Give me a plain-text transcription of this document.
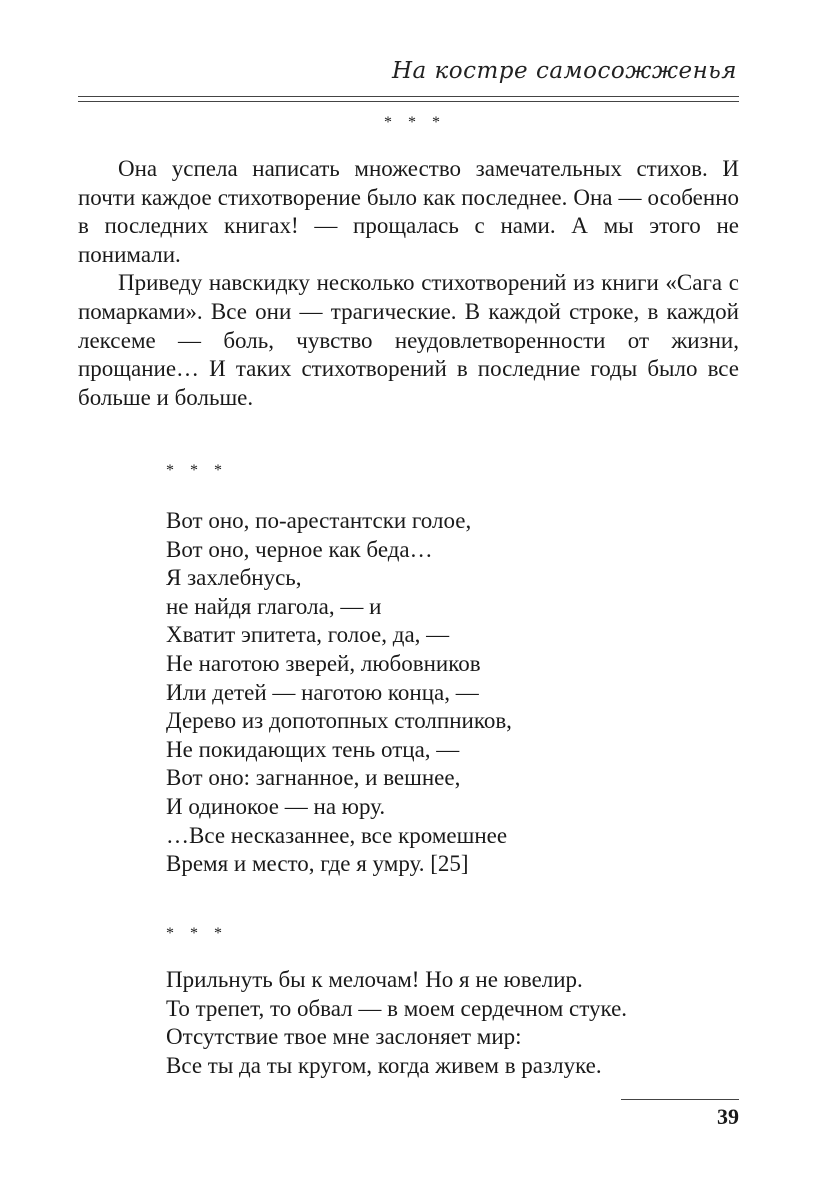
На костре самосожженья
* * *

Она успела написать множество замечательных стихов. И почти каждое стихотворение было как последнее. Она — особенно в последних книгах! — прощалась с нами. А мы этого не понимали.

Приведу навскидку несколько стихотворений из книги «Сага с помарками». Все они — трагические. В каждой строке, в каждой лексеме — боль, чувство неудовлетворенности от жизни, прощание… И таких стихотворений в последние годы было все больше и больше.

* * *
Вот оно, по-арестантски голое,
Вот оно, черное как беда…
Я захлебнусь,
не найдя глагола, — и
Хватит эпитета, голое, да, —
Не наготою зверей, любовников
Или детей — наготою конца, —
Дерево из допотопных столпников,
Не покидающих тень отца, —
Вот оно: загнанное, и вешнее,
И одинокое — на юру.
…Все несказаннее, все кромешнее
Время и место, где я умру. [25]
* * *
Прильнуть бы к мелочам! Но я не ювелир.
То трепет, то обвал — в моем сердечном стуке.
Отсутствие твое мне заслоняет мир:
Все ты да ты кругом, когда живем в разлуке.
39
